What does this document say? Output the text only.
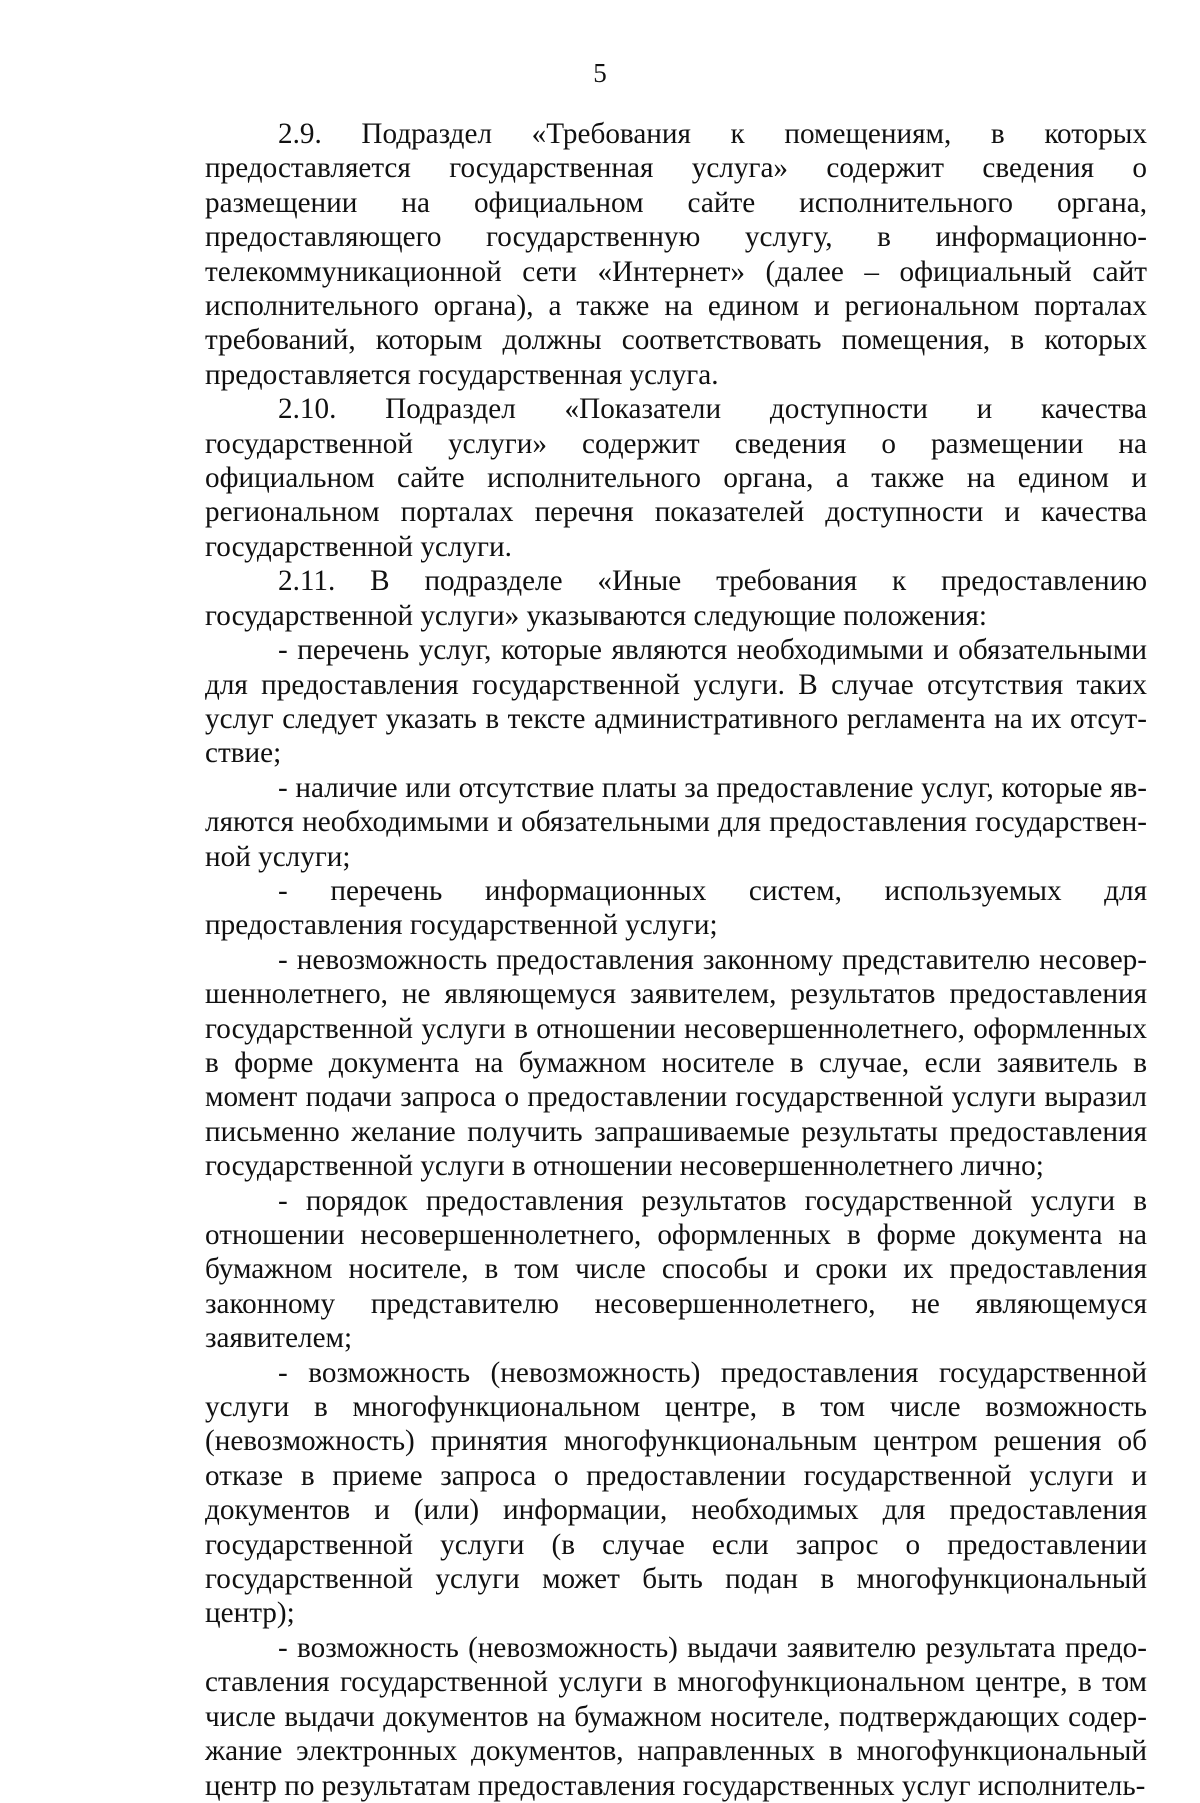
5

2.9. Подраздел «Требования к помещениям, в которых предоставляется государственная услуга» содержит сведения о размещении на официальном сайте исполнительного органа, предоставляющего государственную услугу, в информационно-телекоммуникационной сети «Интернет» (далее – официальный сайт исполнительного органа), а также на едином и региональном порталах требований, которым должны соответствовать помещения, в которых предоставляется государственная услуга.

2.10. Подраздел «Показатели доступности и качества государственной услуги» содержит сведения о размещении на официальном сайте исполнительного органа, а также на едином и региональном порталах перечня показателей доступности и качества государственной услуги.

2.11. В подразделе «Иные требования к предоставлению государственной услуги» указываются следующие положения:

- перечень услуг, которые являются необходимыми и обязательными для предоставления государственной услуги. В случае отсутствия таких услуг следует указать в тексте административного регламента на их отсутствие;

- наличие или отсутствие платы за предоставление услуг, которые являются необходимыми и обязательными для предоставления государственной услуги;

- перечень информационных систем, используемых для предоставления государственной услуги;

- невозможность предоставления законному представителю несовершеннолетнего, не являющемуся заявителем, результатов предоставления государственной услуги в отношении несовершеннолетнего, оформленных в форме документа на бумажном носителе в случае, если заявитель в момент подачи запроса о предоставлении государственной услуги выразил письменно желание получить запрашиваемые результаты предоставления государственной услуги в отношении несовершеннолетнего лично;

- порядок предоставления результатов государственной услуги в отношении несовершеннолетнего, оформленных в форме документа на бумажном носителе, в том числе способы и сроки их предоставления законному представителю несовершеннолетнего, не являющемуся заявителем;

- возможность (невозможность) предоставления государственной услуги в многофункциональном центре, в том числе возможность (невозможность) принятия многофункциональным центром решения об отказе в приеме запроса о предоставлении государственной услуги и документов и (или) информации, необходимых для предоставления государственной услуги (в случае если запрос о предоставлении государственной услуги может быть подан в многофункциональный центр);

- возможность (невозможность) выдачи заявителю результата предоставления государственной услуги в многофункциональном центре, в том числе выдачи документов на бумажном носителе, подтверждающих содержание электронных документов, направленных в многофункциональный центр по результатам предоставления государственных услуг исполнитель-
